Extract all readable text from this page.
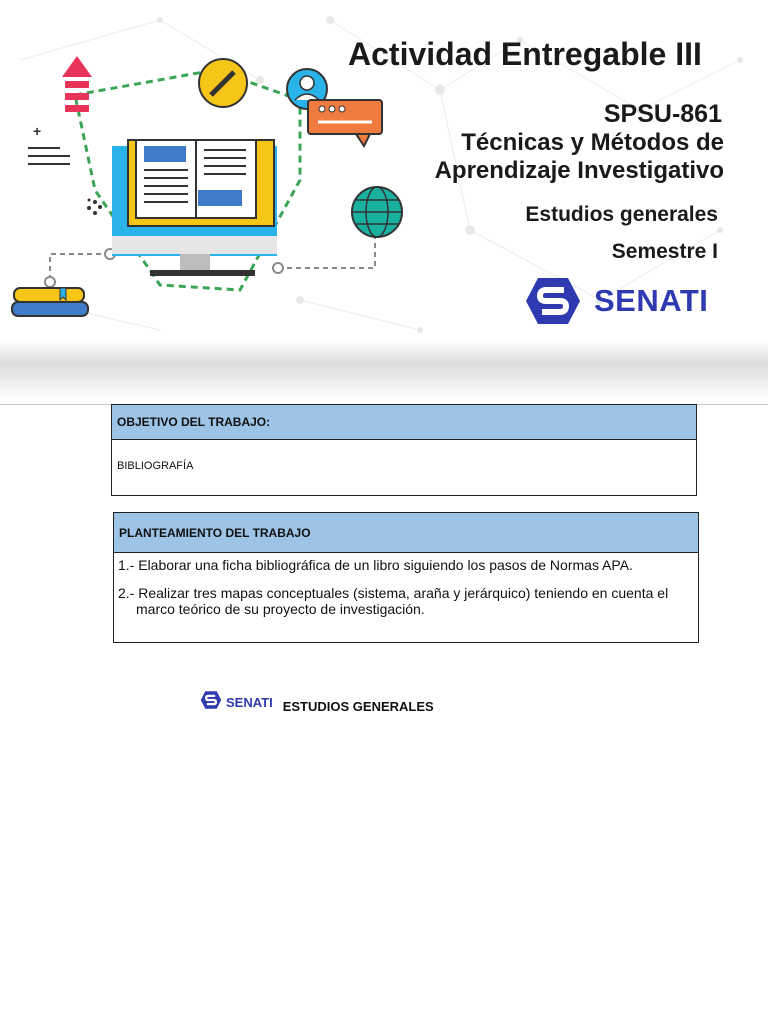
+
Actividad Entregable III
SPSU-861
Técnicas y Métodos de
Aprendizaje Investigativo
Estudios generales
Semestre I
SENATI
OBJETIVO DEL TRABAJO:
BIBLIOGRAFÍA
PLANTEAMIENTO DEL TRABAJO
1.- Elaborar una ficha bibliográfica de un libro siguiendo los pasos de Normas APA.
2.- Realizar tres mapas conceptuales (sistema, araña y jerárquico) teniendo en cuenta el
marco teórico de su proyecto de investigación.
SENATI ESTUDIOS GENERALES
